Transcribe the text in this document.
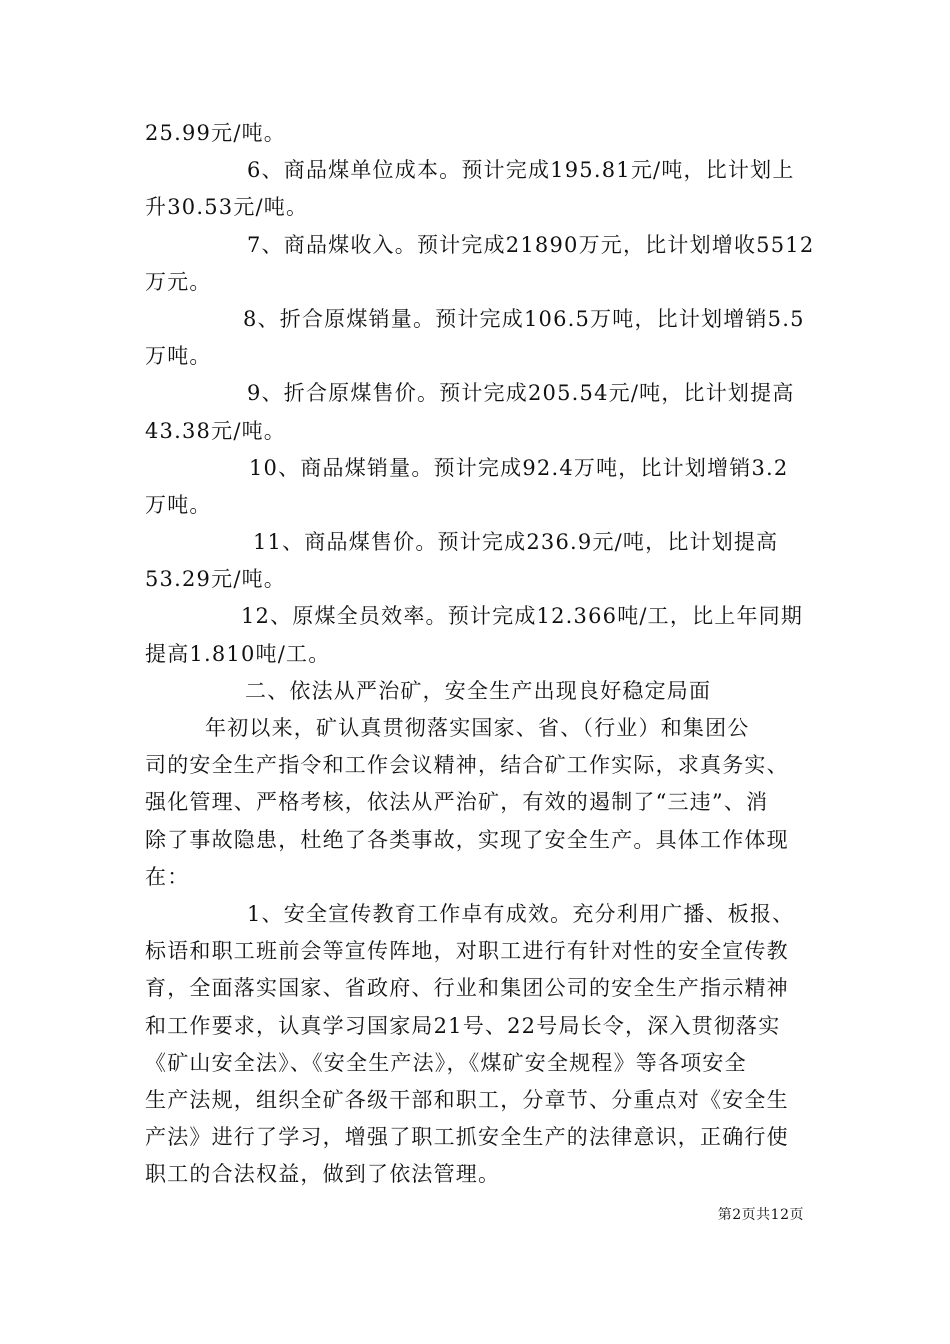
25.99元/吨。
6、商品煤单位成本。预计完成195.81元/吨，比计划上
升30.53元/吨。
7、商品煤收入。预计完成21890万元，比计划增收5512
万元。
8、折合原煤销量。预计完成106.5万吨，比计划增销5.5
万吨。
9、折合原煤售价。预计完成205.54元/吨，比计划提高
43.38元/吨。
10、商品煤销量。预计完成92.4万吨，比计划增销3.2
万吨。
11、商品煤售价。预计完成236.9元/吨，比计划提高
53.29元/吨。
12、原煤全员效率。预计完成12.366吨/工，比上年同期
提高1.810吨/工。
二、依法从严治矿，安全生产出现良好稳定局面
年初以来，矿认真贯彻落实国家、省、（行业）和集团公
司的安全生产指令和工作会议精神，结合矿工作实际，求真务实、
强化管理、严格考核，依法从严治矿，有效的遏制了“三违”、消
除了事故隐患，杜绝了各类事故，实现了安全生产。具体工作体现
在：
1、安全宣传教育工作卓有成效。充分利用广播、板报、
标语和职工班前会等宣传阵地，对职工进行有针对性的安全宣传教
育，全面落实国家、省政府、行业和集团公司的安全生产指示精神
和工作要求，认真学习国家局21号、22号局长令，深入贯彻落实
《矿山安全法》、《安全生产法》，《煤矿安全规程》等各项安全
生产法规，组织全矿各级干部和职工，分章节、分重点对《安全生
产法》进行了学习，增强了职工抓安全生产的法律意识，正确行使
职工的合法权益，做到了依法管理。
第2页共12页
